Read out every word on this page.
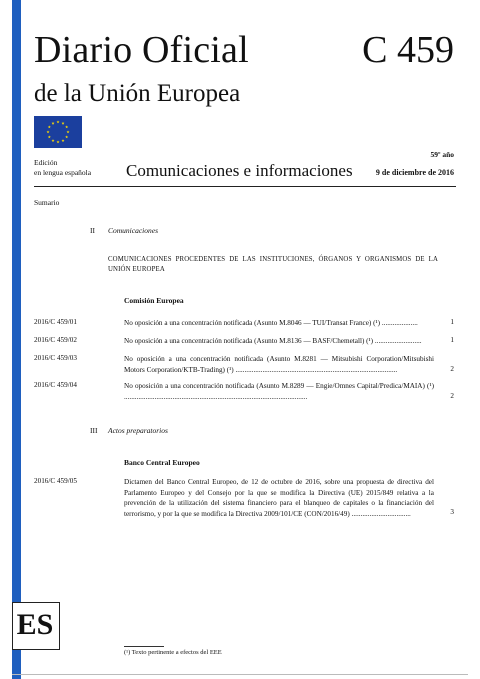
Diario Oficial
de la Unión Europea
C 459
Edición
en lengua española Comunicaciones e informaciones
59º año
9 de diciembre de 2016
Sumario
II Comunicaciones
COMUNICACIONES PROCEDENTES DE LAS INSTITUCIONES, ÓRGANOS Y ORGANISMOS DE LA UNIÓN EUROPEA
Comisión Europea
2016/C 459/01	No oposición a una concentración notificada (Asunto M.8046 — TUI/Transat France) (¹) ....................	1
2016/C 459/02	No oposición a una concentración notificada (Asunto M.8136 — BASF/Chemetall) (¹) ..........................	1
2016/C 459/03	No oposición a una concentración notificada (Asunto M.8281 — Mitsubishi Corporation/Mitsubishi Motors Corporation/KTB-Trading) (¹) ..........................................................................................	2
2016/C 459/04	No oposición a una concentración notificada (Asunto M.8289 — Engie/Omnes Capital/Predica/MAIA) (¹) ......................................................................................................	2
III Actos preparatorios
Banco Central Europeo
2016/C 459/05	Dictamen del Banco Central Europeo, de 12 de octubre de 2016, sobre una propuesta de directiva del Parlamento Europeo y del Consejo por la que se modifica la Directiva (UE) 2015/849 relativa a la prevención de la utilización del sistema financiero para el blanqueo de capitales o la financiación del terrorismo, y por la que se modifica la Directiva 2009/101/CE (CON/2016/49) .................................	3
ES
(¹) Texto pertinente a efectos del EEE
